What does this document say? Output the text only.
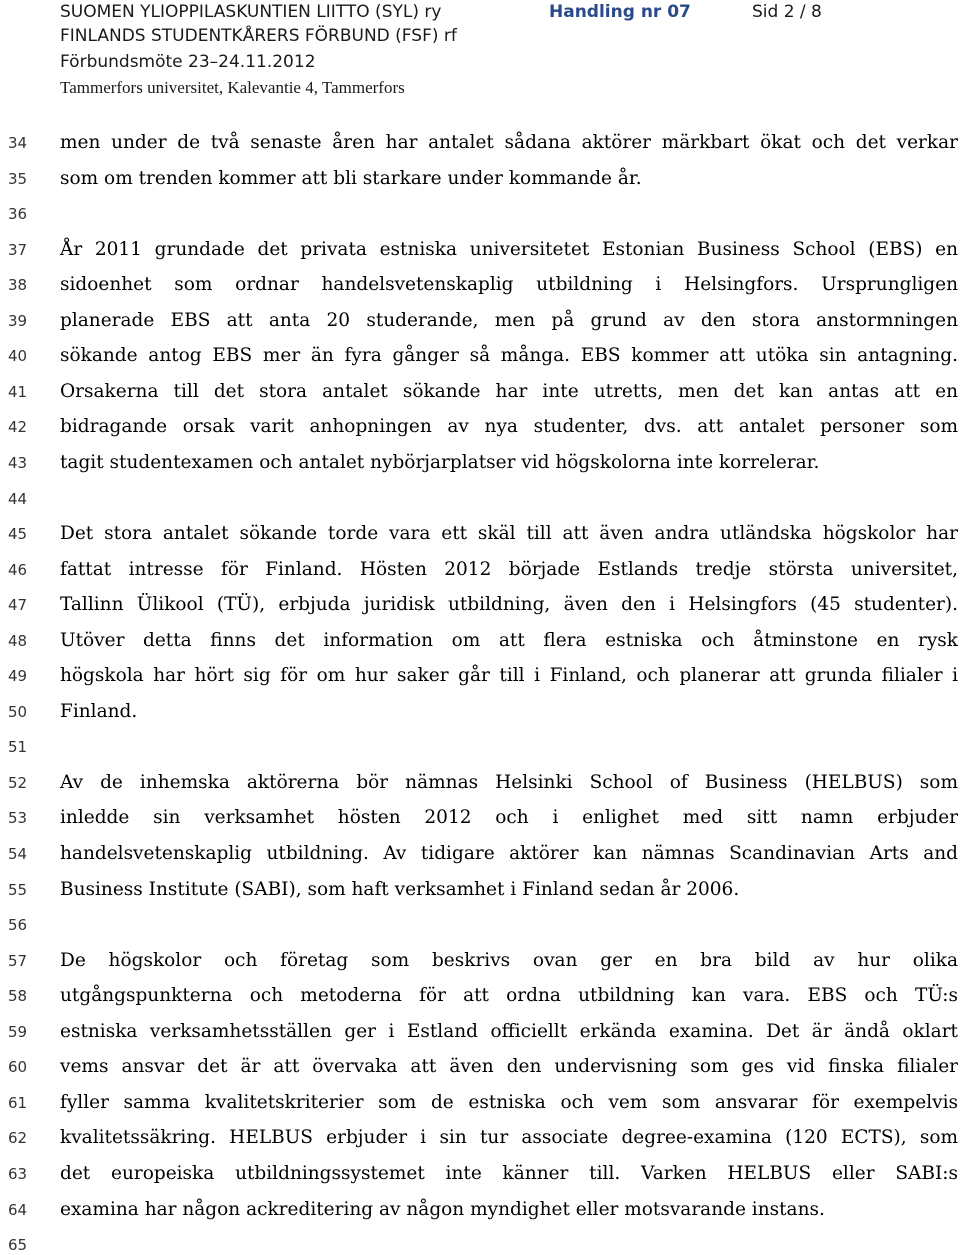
SUOMEN YLIOPPILASKUNTIEN LIITTO (SYL) ry	Handling nr 07	Sid 2 / 8
FINLANDS STUDENTKÅRERS FÖRBUND (FSF) rf
Förbundsmöte 23–24.11.2012
Tammerfors universitet, Kalevantie 4, Tammerfors
34
35
36
37
38
39
40
41
42
43
44
45
46
47
48
49
50
51
52
53
54
55
56
57
58
59
60
61
62
63
64
65
men under de två senaste åren har antalet sådana aktörer märkbart ökat och det verkar
som om trenden kommer att bli starkare under kommande år.
År 2011 grundade det privata estniska universitetet Estonian Business School (EBS) en
sidoenhet som ordnar handelsvetenskaplig utbildning i Helsingfors. Ursprungligen
planerade EBS att anta 20 studerande, men på grund av den stora anstormningen
sökande antog EBS mer än fyra gånger så många. EBS kommer att utöka sin antagning.
Orsakerna till det stora antalet sökande har inte utretts, men det kan antas att en
bidragande orsak varit anhopningen av nya studenter, dvs. att antalet personer som
tagit studentexamen och antalet nybörjarplatser vid högskolorna inte korrelerar.
Det stora antalet sökande torde vara ett skäl till att även andra utländska högskolor har
fattat intresse för Finland. Hösten 2012 började Estlands tredje största universitet,
Tallinn Ülikool (TÜ), erbjuda juridisk utbildning, även den i Helsingfors (45 studenter).
Utöver detta finns det information om att flera estniska och åtminstone en rysk
högskola har hört sig för om hur saker går till i Finland, och planerar att grunda filialer i
Finland.
Av de inhemska aktörerna bör nämnas Helsinki School of Business (HELBUS) som
inledde sin verksamhet hösten 2012 och i enlighet med sitt namn erbjuder
handelsvetenskaplig utbildning. Av tidigare aktörer kan nämnas Scandinavian Arts and
Business Institute (SABI), som haft verksamhet i Finland sedan år 2006.
De högskolor och företag som beskrivs ovan ger en bra bild av hur olika
utgångspunkterna och metoderna för att ordna utbildning kan vara. EBS och TÜ:s
estniska verksamhetsställen ger i Estland officiellt erkända examina. Det är ändå oklart
vems ansvar det är att övervaka att även den undervisning som ges vid finska filialer
fyller samma kvalitetskriterier som de estniska och vem som ansvarar för exempelvis
kvalitetssäkring. HELBUS erbjuder i sin tur associate degree-examina (120 ECTS), som
det europeiska utbildningssystemet inte känner till. Varken HELBUS eller SABI:s
examina har någon ackreditering av någon myndighet eller motsvarande instans.
